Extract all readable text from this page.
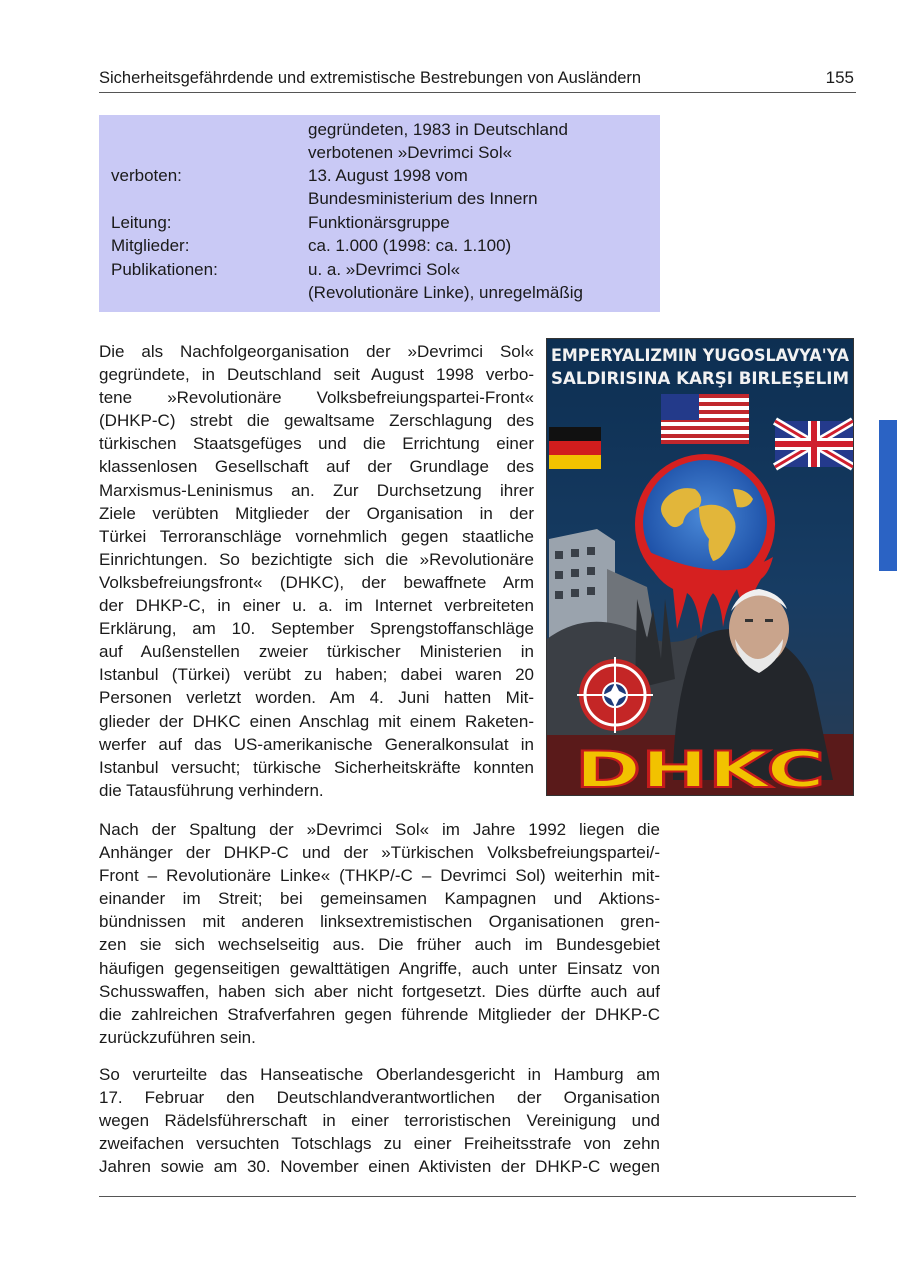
Sicherheitsgefährdende und extremistische Bestrebungen von Ausländern	155
gegründeten, 1983 in Deutschland
verbotenen »Devrimci Sol«
verboten:	13. August 1998 vom
Bundesministerium des Innern
Leitung:	Funktionärsgruppe
Mitglieder:	ca. 1.000 (1998: ca. 1.100)
Publikationen:	u. a. »Devrimci Sol«
(Revolutionäre Linke), unregelmäßig
Die als Nachfolgeorganisation der »Devrimci Sol«
gegründete, in Deutschland seit August 1998 verbo-
tene »Revolutionäre Volksbefreiungspartei-Front«
(DHKP-C) strebt die gewaltsame Zerschlagung des
türkischen Staatsgefüges und die Errichtung einer
klassenlosen Gesellschaft auf der Grundlage des
Marxismus-Leninismus an. Zur Durchsetzung ihrer
Ziele verübten Mitglieder der Organisation in der
Türkei Terroranschläge vornehmlich gegen staatliche
Einrichtungen. So bezichtigte sich die »Revolutionäre
Volksbefreiungsfront« (DHKC), der bewaffnete Arm
der DHKP-C, in einer u. a. im Internet verbreiteten
Erklärung, am 10. September Sprengstoffanschläge
auf Außenstellen zweier türkischer Ministerien in
Istanbul (Türkei) verübt zu haben; dabei waren 20
Personen verletzt worden. Am 4. Juni hatten Mit-
glieder der DHKC einen Anschlag mit einem Raketen-
werfer auf das US-amerikanische Generalkonsulat in
Istanbul versucht; türkische Sicherheitskräfte konnten
die Tatausführung verhindern.
EMPERYALIZMIN YUGOSLAVYA'YA
SALDIRISINA KARŞI BIRLEŞELIM
DHKC
Nach der Spaltung der »Devrimci Sol« im Jahre 1992 liegen die
Anhänger der DHKP-C und der »Türkischen Volksbefreiungspartei/-
Front – Revolutionäre Linke« (THKP/-C – Devrimci Sol) weiterhin mit-
einander im Streit; bei gemeinsamen Kampagnen und Aktions-
bündnissen mit anderen linksextremistischen Organisationen gren-
zen sie sich wechselseitig aus. Die früher auch im Bundesgebiet
häufigen gegenseitigen gewalttätigen Angriffe, auch unter Einsatz von
Schusswaffen, haben sich aber nicht fortgesetzt. Dies dürfte auch auf
die zahlreichen Strafverfahren gegen führende Mitglieder der DHKP-C
zurückzuführen sein.
So verurteilte das Hanseatische Oberlandesgericht in Hamburg am
17. Februar den Deutschlandverantwortlichen der Organisation
wegen Rädelsführerschaft in einer terroristischen Vereinigung und
zweifachen versuchten Totschlags zu einer Freiheitsstrafe von zehn
Jahren sowie am 30. November einen Aktivisten der DHKP-C wegen
